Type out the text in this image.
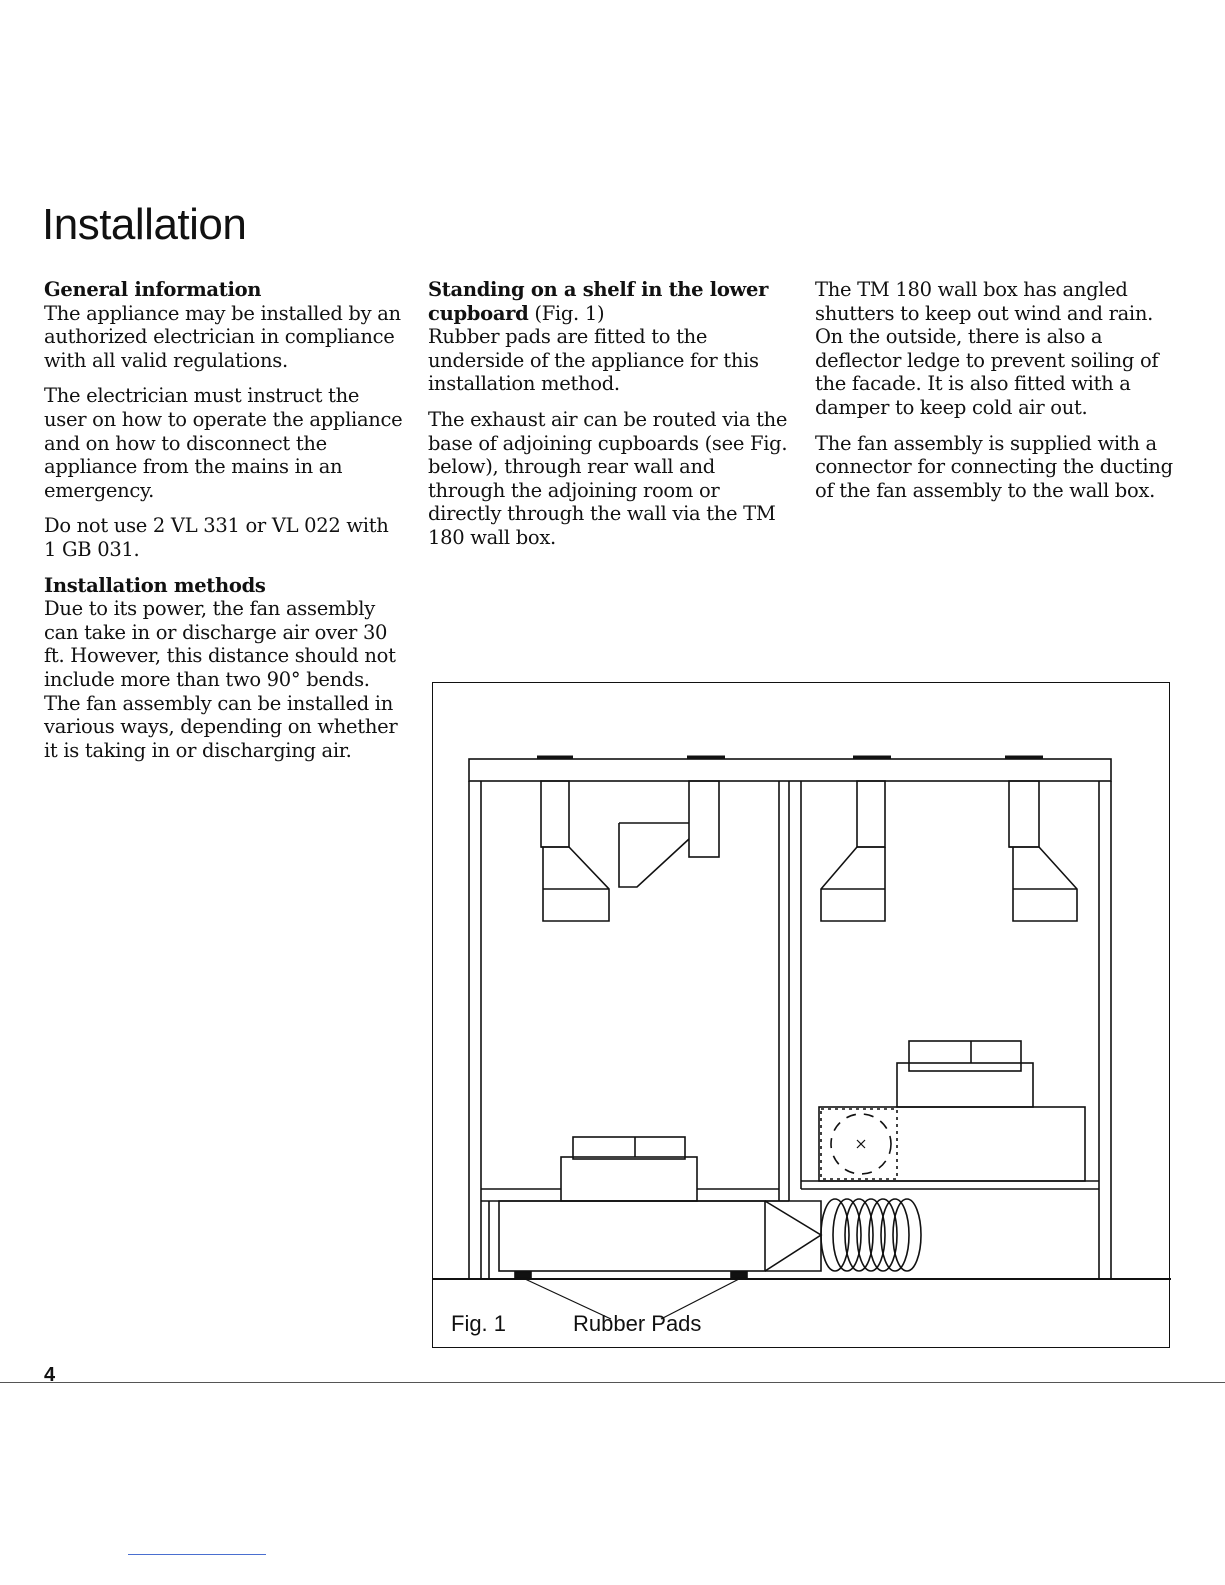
Installation

General information
The appliance may be installed by an authorized electrician in compliance with all valid regulations.

The electrician must instruct the user on how to operate the appliance and on how to disconnect the appliance from the mains in an emergency.

Do not use 2 VL 331 or VL 022 with 1 GB 031.

Installation methods
Due to its power, the fan assembly can take in or discharge air over 30 ft. However, this distance should not include more than two 90° bends. The fan assembly can be installed in various ways, depending on whether it is taking in or discharging air.

Standing on a shelf in the lower cupboard (Fig. 1)
Rubber pads are fitted to the underside of the appliance for this installation method.

The exhaust air can be routed via the base of adjoining cupboards (see Fig. below), through rear wall and through the adjoining room or directly through the wall via the TM 180 wall box.

The TM 180 wall box has angled shutters to keep out wind and rain. On the outside, there is also a deflector ledge to prevent soiling of the facade. It is also fitted with a damper to keep cold air out.

The fan assembly is supplied with a connector for connecting the ducting of the fan assembly to the wall box.

Fig. 1	Rubber Pads
4
